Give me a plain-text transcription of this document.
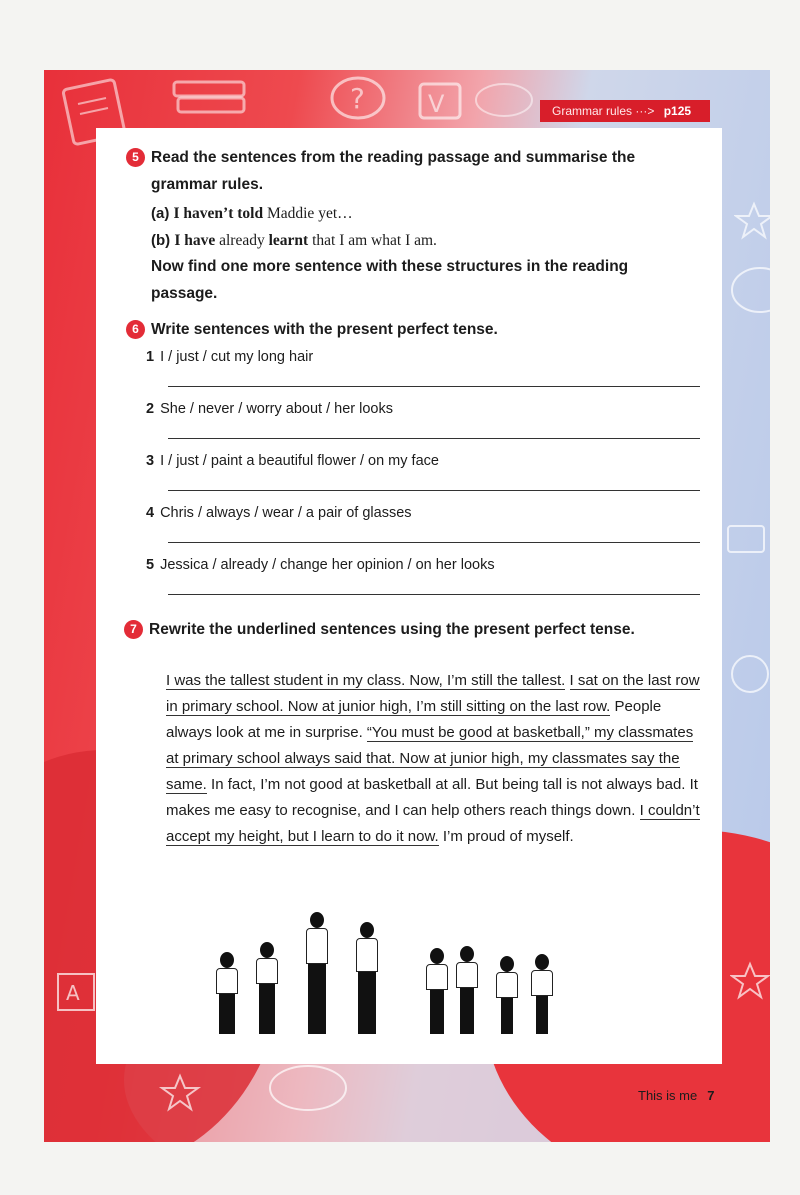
?	V
A
Grammar rules ···> p125
5 Read the sentences from the reading passage and summarise the
grammar rules.
(a) I haven’t told Maddie yet…
(b) I have already learnt that I am what I am.
Now find one more sentence with these structures in the reading
passage.
6 Write sentences with the present perfect tense.
1 I / just / cut my long hair
2 She / never / worry about / her looks
3 I / just / paint a beautiful flower / on my face
4 Chris / always / wear / a pair of glasses
5 Jessica / already / change her opinion / on her looks
7 Rewrite the underlined sentences using the present perfect tense.
I was the tallest student in my class. Now, I’m still the tallest. I sat on the last row in primary school. Now at junior high, I’m still sitting on the last row. People always look at me in surprise. “You must be good at basketball,” my classmates at primary school always said that. Now at junior high, my classmates say the same. In fact, I’m not good at basketball at all. But being tall is not always bad. It makes me easy to recognise, and I can help others reach things down. I couldn’t accept my height, but I learn to do it now. I’m proud of myself.
This is me 7
